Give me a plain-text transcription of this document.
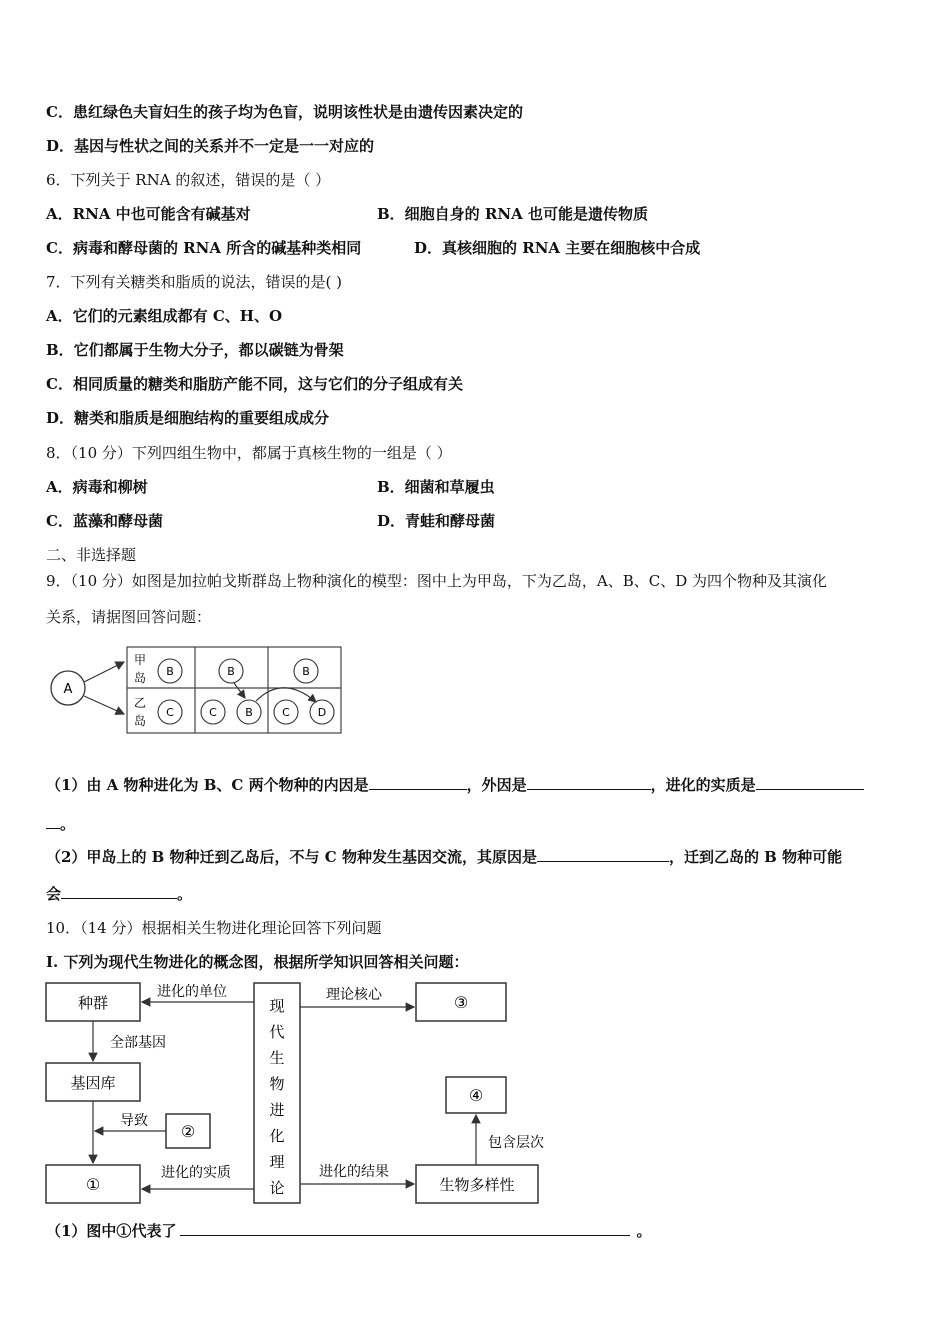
C．患红绿色夫盲妇生的孩子均为色盲，说明该性状是由遗传因素决定的
D．基因与性状之间的关系并不一定是一一对应的
6．下列关于 RNA 的叙述，错误的是（ ）
A．RNA 中也可能含有碱基对	B．细胞自身的 RNA 也可能是遗传物质
C．病毒和酵母菌的 RNA 所含的碱基种类相同	D．真核细胞的 RNA 主要在细胞核中合成
7．下列有关糖类和脂质的说法，错误的是( )
A．它们的元素组成都有 C、H、O
B．它们都属于生物大分子，都以碳链为骨架
C．相同质量的糖类和脂肪产能不同，这与它们的分子组成有关
D．糖类和脂质是细胞结构的重要组成成分
8．（10 分）下列四组生物中，都属于真核生物的一组是（ ）
A．病毒和柳树	B．细菌和草履虫
C．蓝藻和酵母菌	D．青蛙和酵母菌
二、非选择题
9．（10 分）如图是加拉帕戈斯群岛上物种演化的模型：图中上为甲岛，下为乙岛，A、B、C、D 为四个物种及其演化
关系，请据图回答问题：
A
甲
岛
乙
岛
B
C
B
C	B
B
C	D
（1）由 A 物种进化为 B、C 两个物种的内因是	，外因是	，进化的实质是
。
（2）甲岛上的 B 物种迁到乙岛后，不与 C 物种发生基因交流，其原因是	，迁到乙岛的 B 物种可能
会	。
10．（14 分）根据相关生物进化理论回答下列问题
I. 下列为现代生物进化的概念图，根据所学知识回答相关问题：
种群
基因库
①
②
现
代
生
物
进
化
理
论
③
④
生物多样性
进化的单位	理论核心
全部基因
导致
进化的实质	进化的结果
包含层次
（1）图中①代表了	。
